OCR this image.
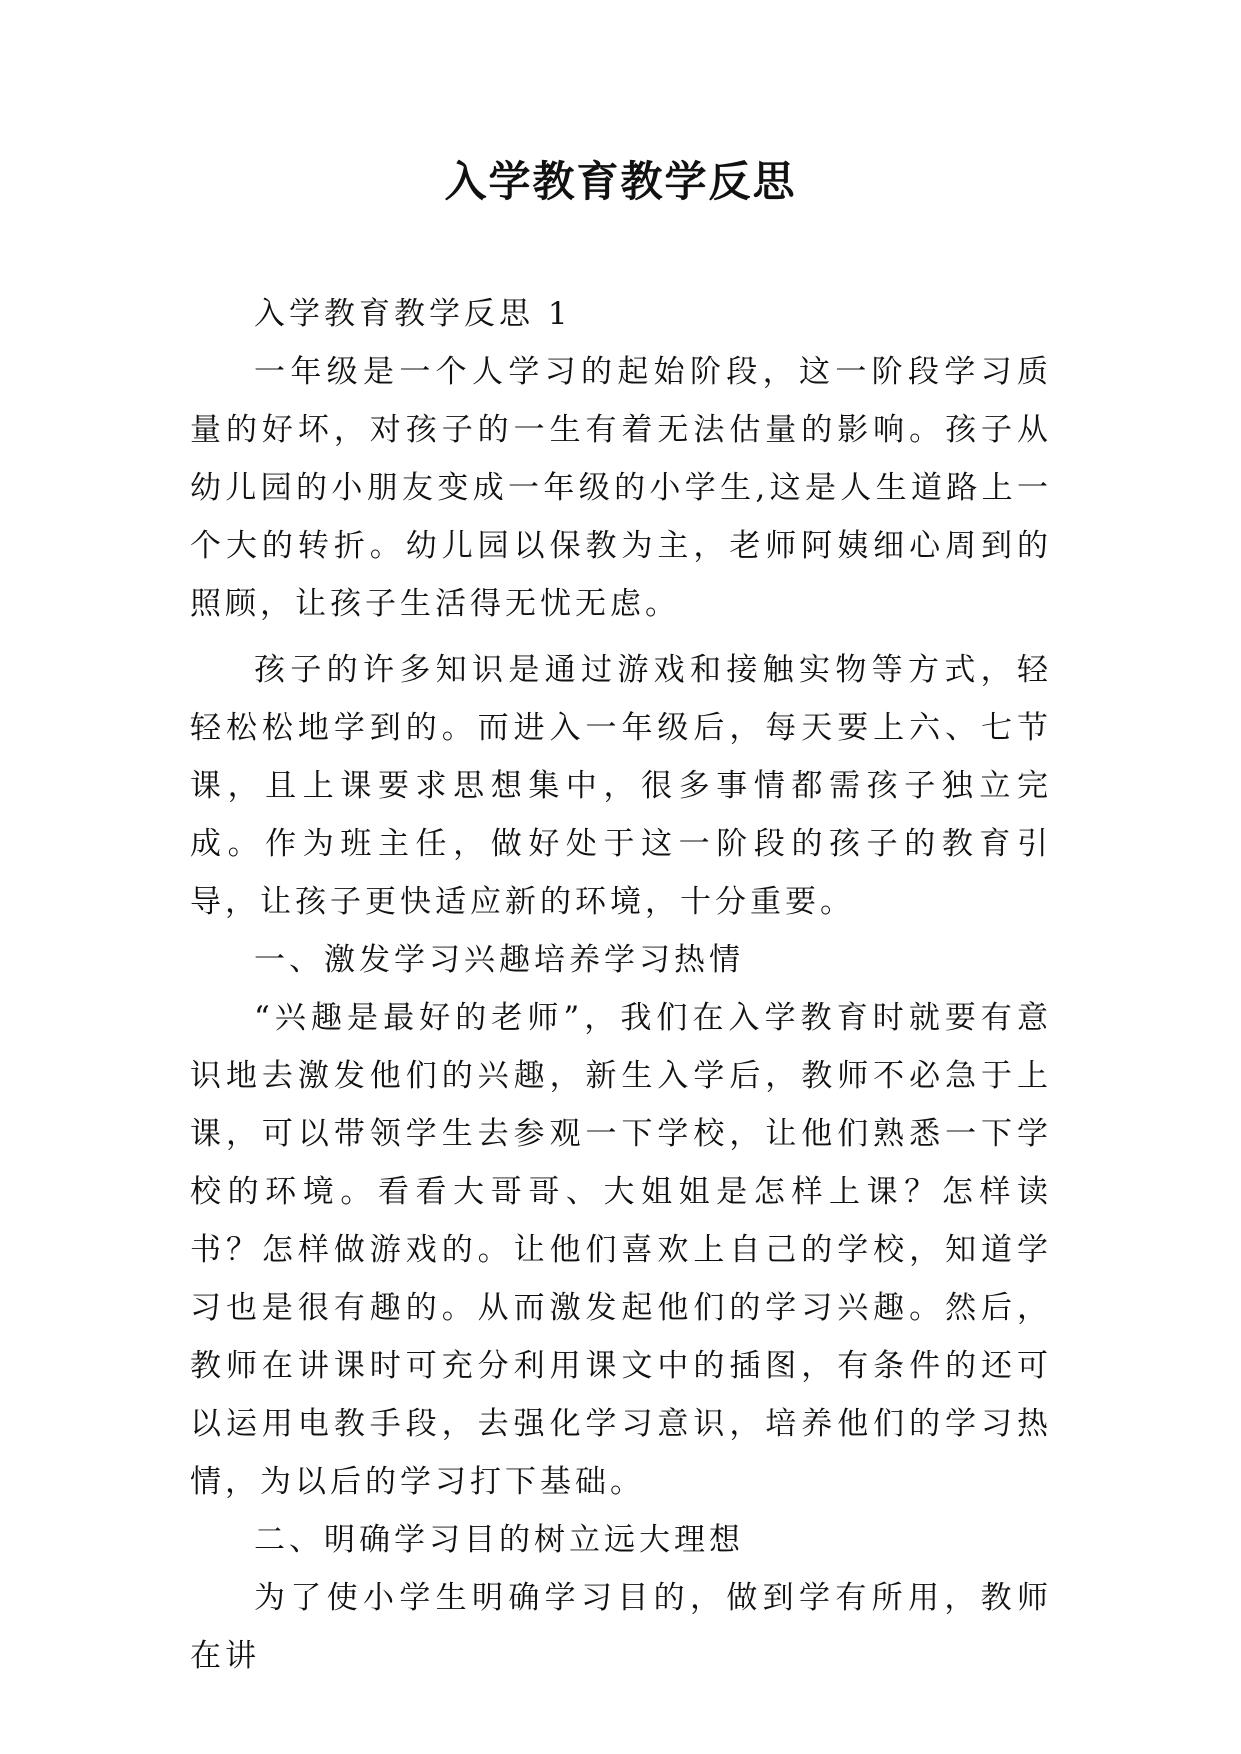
入学教育教学反思

入学教育教学反思 1

一年级是一个人学习的起始阶段，这一阶段学习质量的好坏，对孩子的一生有着无法估量的影响。孩子从幼儿园的小朋友变成一年级的小学生,这是人生道路上一个大的转折。幼儿园以保教为主，老师阿姨细心周到的照顾，让孩子生活得无忧无虑。

孩子的许多知识是通过游戏和接触实物等方式，轻轻松松地学到的。而进入一年级后，每天要上六、七节课，且上课要求思想集中，很多事情都需孩子独立完成。作为班主任，做好处于这一阶段的孩子的教育引导，让孩子更快适应新的环境，十分重要。

一、激发学习兴趣培养学习热情

“兴趣是最好的老师”，我们在入学教育时就要有意识地去激发他们的兴趣，新生入学后，教师不必急于上课，可以带领学生去参观一下学校，让他们熟悉一下学校的环境。看看大哥哥、大姐姐是怎样上课？怎样读书？怎样做游戏的。让他们喜欢上自己的学校，知道学习也是很有趣的。从而激发起他们的学习兴趣。然后，教师在讲课时可充分利用课文中的插图，有条件的还可以运用电教手段，去强化学习意识，培养他们的学习热情，为以后的学习打下基础。

二、明确学习目的树立远大理想

为了使小学生明确学习目的，做到学有所用，教师在讲
